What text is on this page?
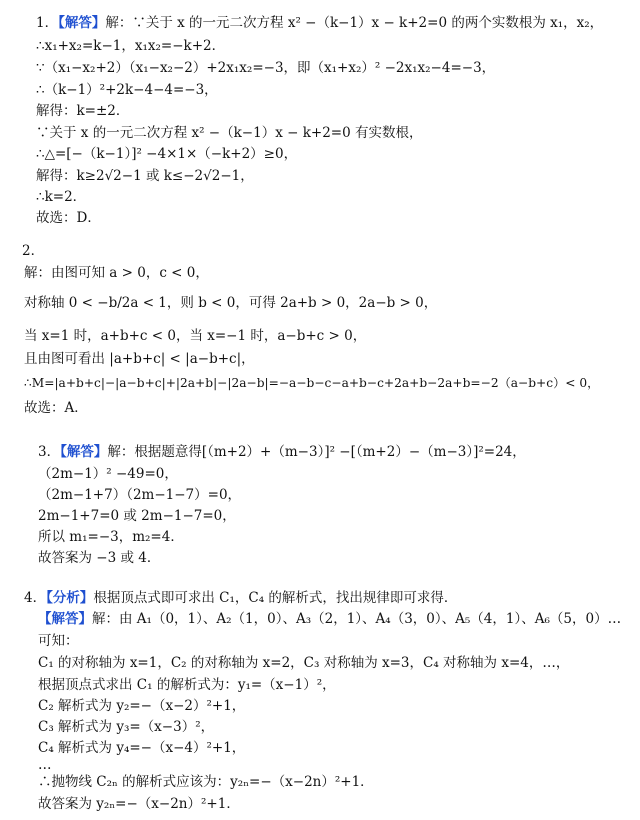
1．【解答】解：∵关于 x 的一元二次方程 x² −（k−1）x − k+2=0 的两个实数根为 x₁，x₂，
∴x₁+x₂=k−1，x₁x₂=−k+2．
∵（x₁−x₂+2）（x₁−x₂−2）+2x₁x₂=−3，即（x₁+x₂）² −2x₁x₂−4=−3，
∴（k−1）²+2k−4−4=−3，
解得：k=±2．
∵关于 x 的一元二次方程 x² −（k−1）x − k+2=0 有实数根，
∴△=[−（k−1）]² −4×1×（−k+2）≥0，
解得：k≥2√2−1 或 k≤−2√2−1，
∴k=2．
故选：D．
2．
解：由图可知 a > 0，c < 0，
对称轴 0 < −b/2a < 1，则 b < 0，可得 2a+b > 0，2a−b > 0，
当 x=1 时，a+b+c < 0，当 x=−1 时，a−b+c > 0，
且由图可看出 |a+b+c| < |a−b+c|，
∴M=|a+b+c|−|a−b+c|+|2a+b|−|2a−b|=−a−b−c−a+b−c+2a+b−2a+b=−2（a−b+c）< 0，
故选：A．
3．【解答】解：根据题意得[（m+2）+（m−3）]² −[（m+2）−（m−3）]²=24，
（2m−1）² −49=0，
（2m−1+7）（2m−1−7）=0，
2m−1+7=0 或 2m−1−7=0，
所以 m₁=−3，m₂=4．
故答案为 −3 或 4．
4．【分析】根据顶点式即可求出 C₁，C₄ 的解析式，找出规律即可求得．
【解答】解：由 A₁（0，1）、A₂（1，0）、A₃（2，1）、A₄（3，0）、A₅（4，1）、A₆（5，0）…
可知：
C₁ 的对称轴为 x=1，C₂ 的对称轴为 x=2，C₃ 对称轴为 x=3，C₄ 对称轴为 x=4，…，
根据顶点式求出 C₁ 的解析式为：y₁=（x−1）²，
C₂ 解析式为 y₂=−（x−2）²+1，
C₃ 解析式为 y₃=（x−3）²，
C₄ 解析式为 y₄=−（x−4）²+1，
…
∴抛物线 C₂ₙ 的解析式应该为：y₂ₙ=−（x−2n）²+1．
故答案为 y₂ₙ=−（x−2n）²+1．
